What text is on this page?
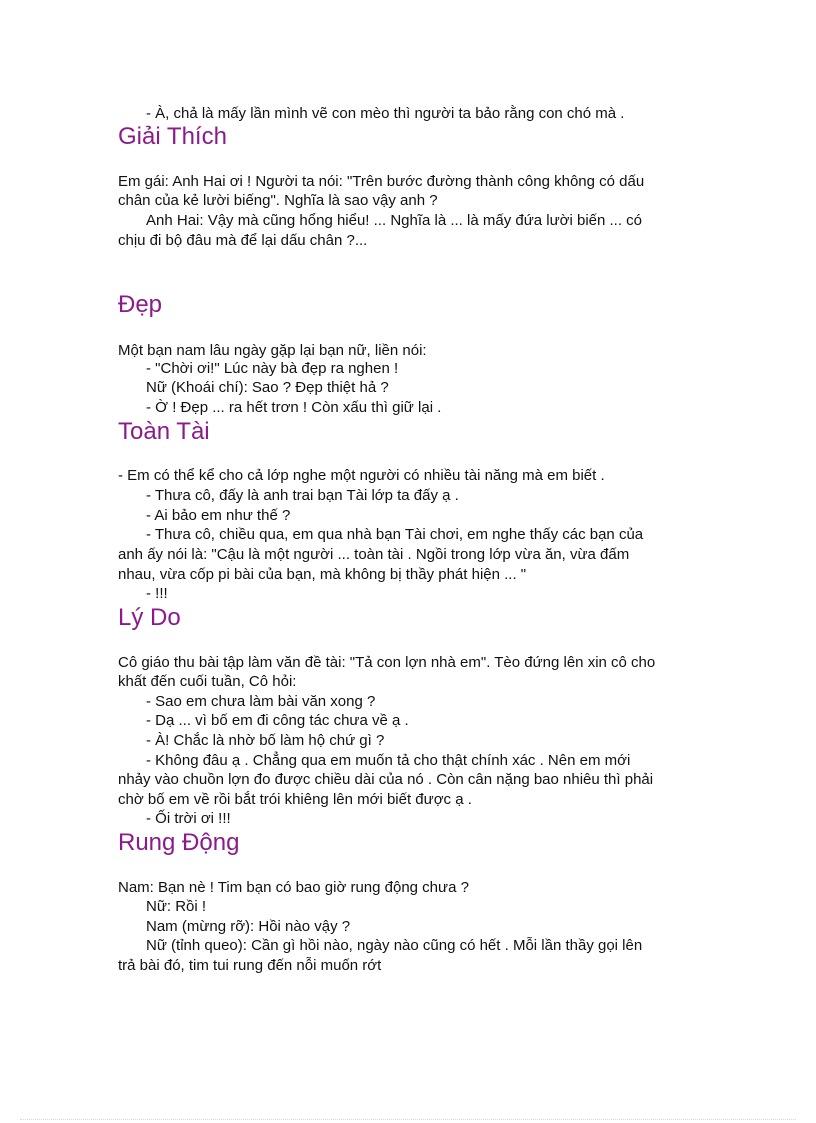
- À, chả là mấy lần mình vẽ con mèo thì người ta bảo rằng con chó mà .
Giải Thích
Em gái: Anh Hai ơi ! Người ta nói: "Trên bước đường thành công không có dấu
chân của kẻ lười biếng". Nghĩa là sao vậy anh ?
Anh Hai: Vậy mà cũng hổng hiểu! ... Nghĩa là ... là mấy đứa lười biến ... có
chịu đi bộ đâu mà để lại dấu chân ?...
Đẹp
Một bạn nam lâu ngày gặp lại bạn nữ, liền nói:
- "Chời ơi!" Lúc này bà đẹp ra nghen !
Nữ (Khoái chí): Sao ? Đẹp thiệt hả ?
- Ờ ! Đẹp ... ra hết trơn ! Còn xấu thì giữ lại .
Toàn Tài
- Em có thể kể cho cả lớp nghe một người có nhiều tài năng mà em biết .
- Thưa cô, đấy là anh trai bạn Tài lớp ta đấy ạ .
- Ai bảo em như thế ?
- Thưa cô, chiều qua, em qua nhà bạn Tài chơi, em nghe thấy các bạn của
anh ấy nói là: "Cậu là một người ... toàn tài . Ngồi trong lớp vừa ăn, vừa đấm
nhau, vừa cốp pi bài của bạn, mà không bị thầy phát hiện ... "
- !!!
Lý Do
Cô giáo thu bài tập làm văn đề tài: "Tả con lợn nhà em". Tèo đứng lên xin cô cho
khất đến cuối tuần, Cô hỏi:
- Sao em chưa làm bài văn xong ?
- Dạ ... vì bố em đi công tác chưa về ạ .
- À! Chắc là nhờ bố làm hộ chứ gì ?
- Không đâu ạ . Chẳng qua em muốn tả cho thật chính xác . Nên em mới
nhảy vào chuồn lợn đo được chiều dài của nó . Còn cân nặng bao nhiêu thì phải
chờ bố em về rồi bắt trói khiêng lên mới biết được ạ .
- Ối trời ơi !!!
Rung Động
Nam: Bạn nè ! Tim bạn có bao giờ rung động chưa ?
Nữ: Rồi !
Nam (mừng rỡ): Hồi nào vậy ?
Nữ (tỉnh queo): Cần gì hồi nào, ngày nào cũng có hết . Mỗi lần thầy gọi lên
trả bài đó, tim tui rung đến nỗi muốn rớt
